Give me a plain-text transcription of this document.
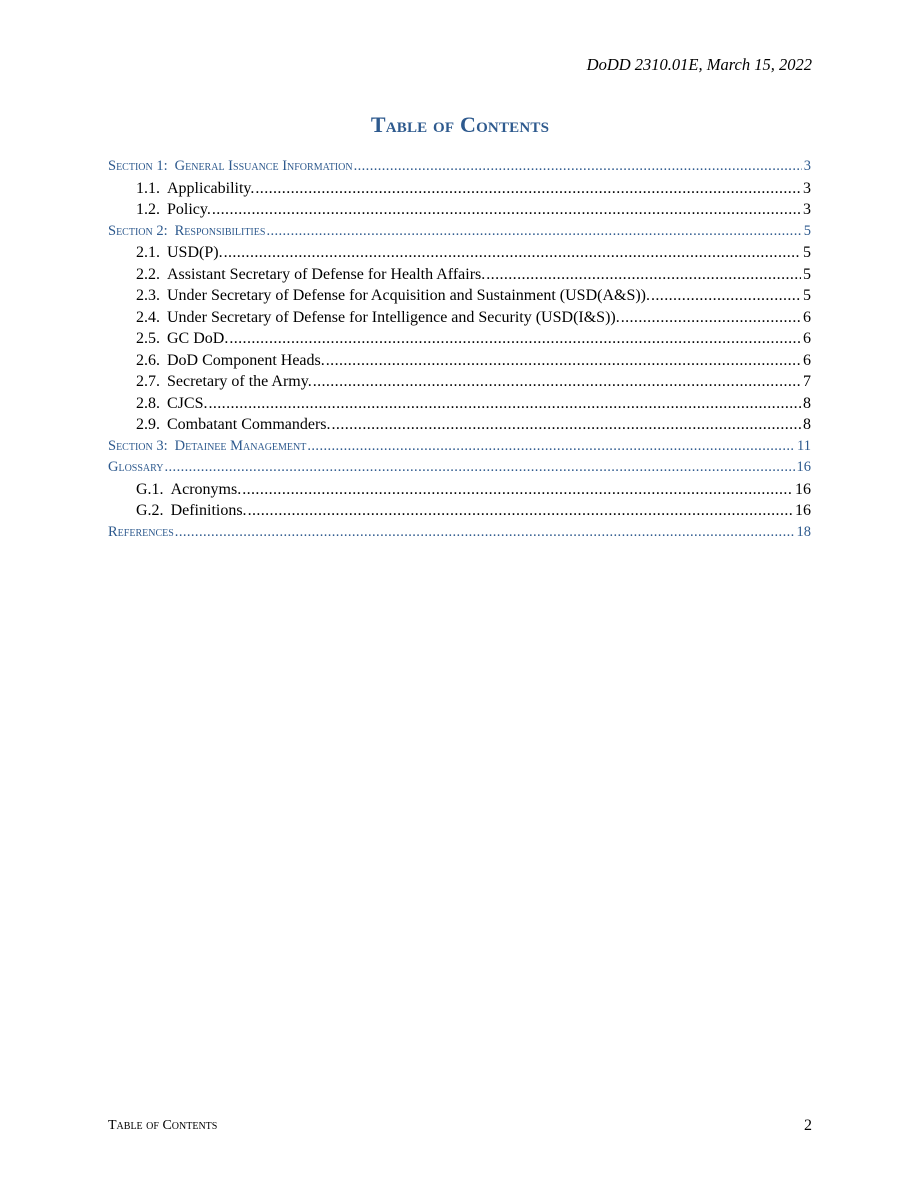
DoDD 2310.01E, March 15, 2022
Table of Contents
Section 1: General Issuance Information .....	3
1.1. Applicability. .....	3
1.2. Policy. .....	3
Section 2: Responsibilities .....	5
2.1. USD(P). .....	5
2.2. Assistant Secretary of Defense for Health Affairs. .....	5
2.3. Under Secretary of Defense for Acquisition and Sustainment (USD(A&S)). .....	5
2.4. Under Secretary of Defense for Intelligence and Security (USD(I&S)). .....	6
2.5. GC DoD. .....	6
2.6. DoD Component Heads. .....	6
2.7. Secretary of the Army. .....	7
2.8. CJCS. .....	8
2.9. Combatant Commanders. .....	8
Section 3: Detainee Management .....	11
Glossary .....	16
G.1. Acronyms. .....	16
G.2. Definitions. .....	16
References .....	18
Table of Contents	2
